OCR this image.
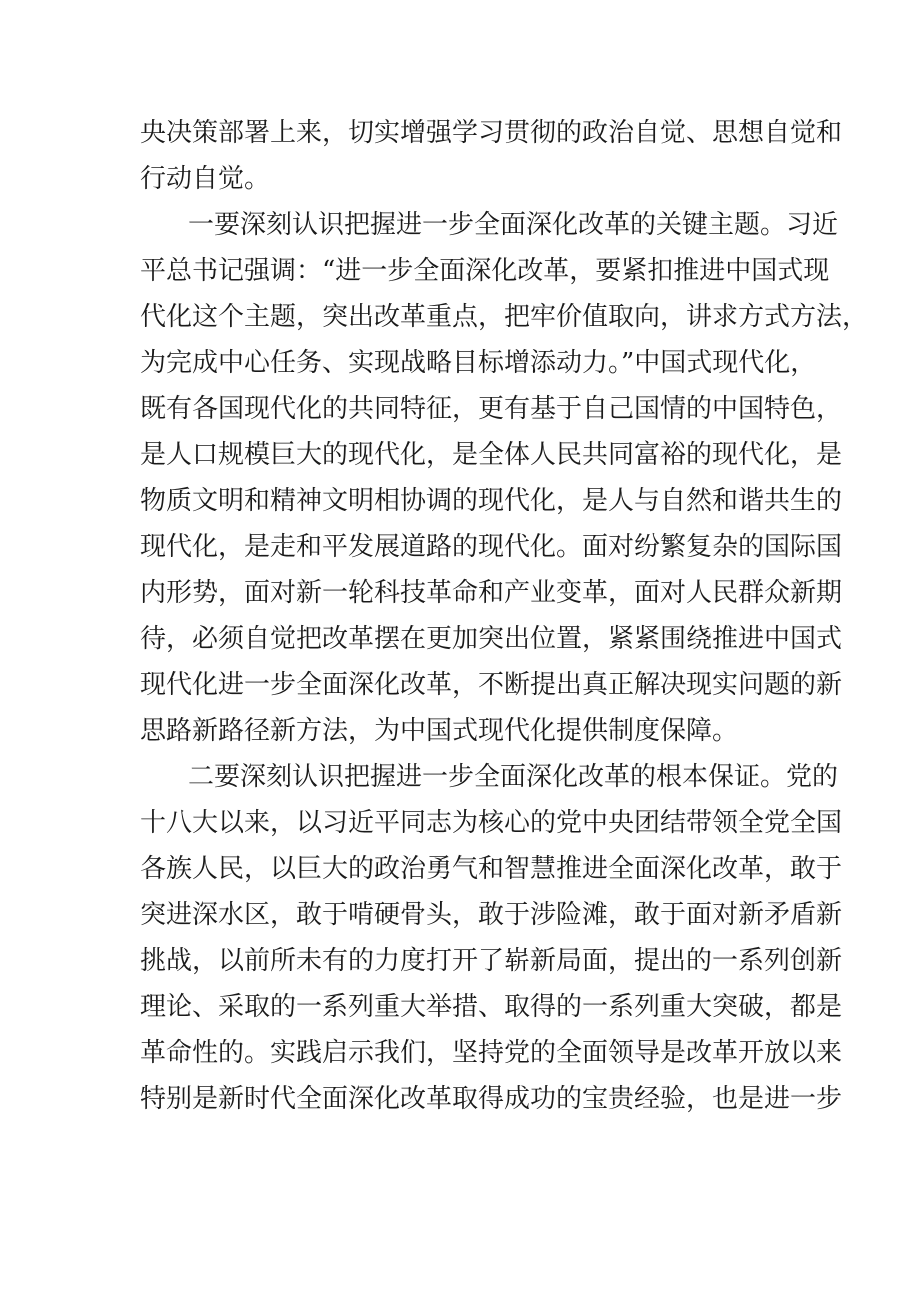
央决策部署上来，切实增强学习贯彻的政治自觉、思想自觉和
行动自觉。
一要深刻认识把握进一步全面深化改革的关键主题。习近
平总书记强调：“进一步全面深化改革，要紧扣推进中国式现
代化这个主题，突出改革重点，把牢价值取向，讲求方式方法，
为完成中心任务、实现战略目标增添动力。”中国式现代化，
既有各国现代化的共同特征，更有基于自己国情的中国特色，
是人口规模巨大的现代化，是全体人民共同富裕的现代化，是
物质文明和精神文明相协调的现代化，是人与自然和谐共生的
现代化，是走和平发展道路的现代化。面对纷繁复杂的国际国
内形势，面对新一轮科技革命和产业变革，面对人民群众新期
待，必须自觉把改革摆在更加突出位置，紧紧围绕推进中国式
现代化进一步全面深化改革，不断提出真正解决现实问题的新
思路新路径新方法，为中国式现代化提供制度保障。
二要深刻认识把握进一步全面深化改革的根本保证。党的
十八大以来，以习近平同志为核心的党中央团结带领全党全国
各族人民，以巨大的政治勇气和智慧推进全面深化改革，敢于
突进深水区，敢于啃硬骨头，敢于涉险滩，敢于面对新矛盾新
挑战，以前所未有的力度打开了崭新局面，提出的一系列创新
理论、采取的一系列重大举措、取得的一系列重大突破，都是
革命性的。实践启示我们，坚持党的全面领导是改革开放以来
特别是新时代全面深化改革取得成功的宝贵经验，也是进一步
